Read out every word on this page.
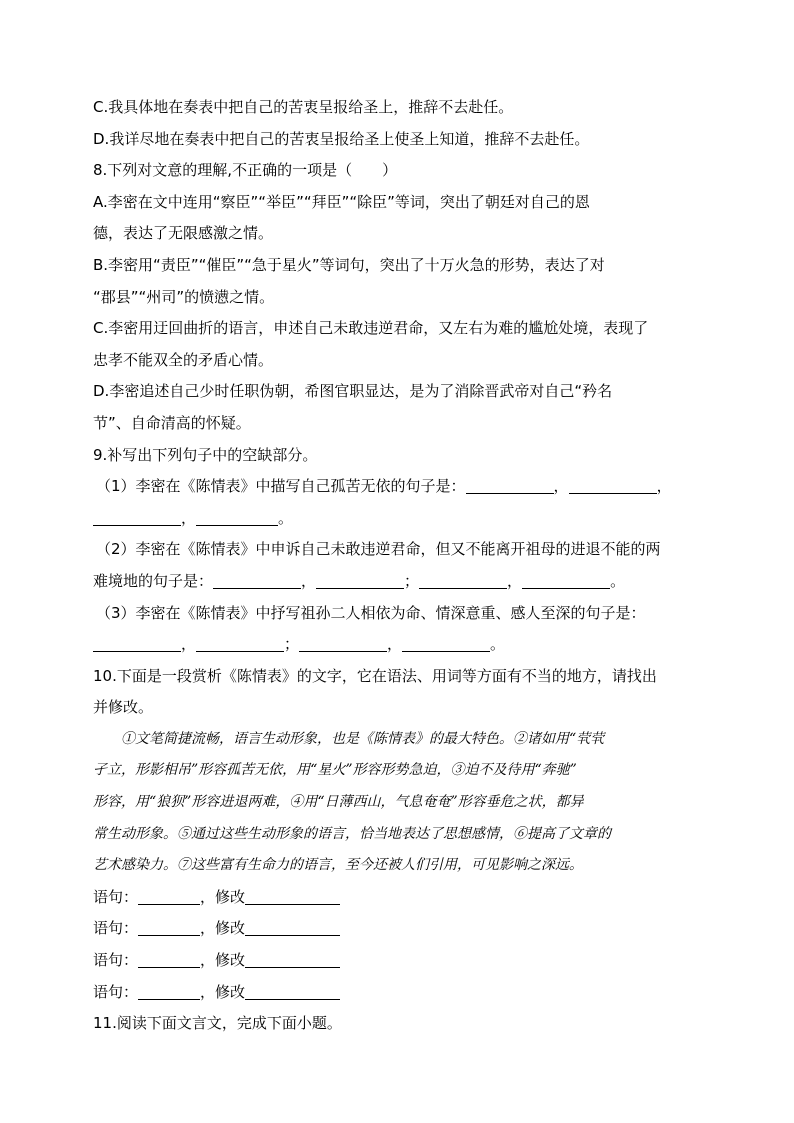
C.我具体地在奏表中把自己的苦衷呈报给圣上，推辞不去赴任。
D.我详尽地在奏表中把自己的苦衷呈报给圣上使圣上知道，推辞不去赴任。
8.下列对文意的理解,不正确的一项是（　　）
A.李密在文中连用“察臣”“举臣”“拜臣”“除臣”等词，突出了朝廷对自己的恩
德，表达了无限感激之情。
B.李密用“责臣”“催臣”“急于星火”等词句，突出了十万火急的形势，表达了对
“郡县”“州司”的愤懑之情。
C.李密用迂回曲折的语言，申述自己未敢违逆君命，又左右为难的尴尬处境，表现了
忠孝不能双全的矛盾心情。
D.李密追述自己少时任职伪朝，希图官职显达，是为了消除晋武帝对自己“矜名
节”、自命清高的怀疑。
9.补写出下列句子中的空缺部分。
（1）李密在《陈情表》中描写自己孤苦无依的句子是：	，	，
，	。
（2）李密在《陈情表》中申诉自己未敢违逆君命，但又不能离开祖母的进退不能的两
难境地的句子是：	，	；	，	。
（3）李密在《陈情表》中抒写祖孙二人相依为命、情深意重、感人至深的句子是：
，	；	，	。
10.下面是一段赏析《陈情表》的文字，它在语法、用词等方面有不当的地方，请找出
并修改。
①文笔简捷流畅，语言生动形象，也是《陈情表》的最大特色。②诸如用“茕茕
孑立，形影相吊”形容孤苦无依，用“星火”形容形势急迫，③迫不及待用“奔驰”
形容，用“狼狈”形容进退两难，④用“日薄西山，气息奄奄”形容垂危之状，都异
常生动形象。⑤通过这些生动形象的语言，恰当地表达了思想感情，⑥提高了文章的
艺术感染力。⑦这些富有生命力的语言，至今还被人们引用，可见影响之深远。
语句：	，修改
语句：	，修改
语句：	，修改
语句：	，修改
11.阅读下面文言文，完成下面小题。
